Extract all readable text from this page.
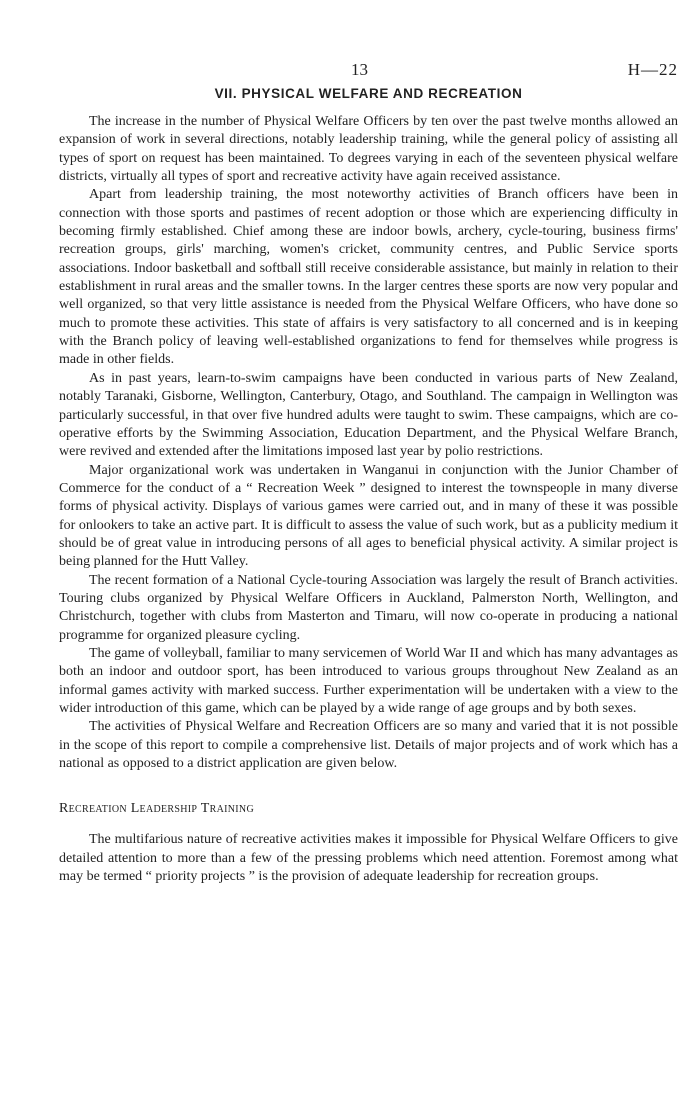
13	H—22
VII. PHYSICAL WELFARE AND RECREATION

The increase in the number of Physical Welfare Officers by ten over the past twelve months allowed an expansion of work in several directions, notably leadership training, while the general policy of assisting all types of sport on request has been maintained. To degrees varying in each of the seventeen physical welfare districts, virtually all types of sport and recreative activity have again received assistance.

Apart from leadership training, the most noteworthy activities of Branch officers have been in connection with those sports and pastimes of recent adoption or those which are experiencing difficulty in becoming firmly established. Chief among these are indoor bowls, archery, cycle-touring, business firms' recreation groups, girls' marching, women's cricket, community centres, and Public Service sports associations. Indoor basketball and softball still receive considerable assistance, but mainly in relation to their establishment in rural areas and the smaller towns. In the larger centres these sports are now very popular and well organized, so that very little assistance is needed from the Physical Welfare Officers, who have done so much to promote these activities. This state of affairs is very satisfactory to all concerned and is in keeping with the Branch policy of leaving well-established organizations to fend for themselves while progress is made in other fields.

As in past years, learn-to-swim campaigns have been conducted in various parts of New Zealand, notably Taranaki, Gisborne, Wellington, Canterbury, Otago, and Southland. The campaign in Wellington was particularly successful, in that over five hundred adults were taught to swim. These campaigns, which are co-operative efforts by the Swimming Association, Education Department, and the Physical Welfare Branch, were revived and extended after the limitations imposed last year by polio restrictions.

Major organizational work was undertaken in Wanganui in conjunction with the Junior Chamber of Commerce for the conduct of a “ Recreation Week ” designed to interest the townspeople in many diverse forms of physical activity. Displays of various games were carried out, and in many of these it was possible for onlookers to take an active part. It is difficult to assess the value of such work, but as a publicity medium it should be of great value in introducing persons of all ages to beneficial physical activity. A similar project is being planned for the Hutt Valley.

The recent formation of a National Cycle-touring Association was largely the result of Branch activities. Touring clubs organized by Physical Welfare Officers in Auckland, Palmerston North, Wellington, and Christchurch, together with clubs from Masterton and Timaru, will now co-operate in producing a national programme for organized pleasure cycling.

The game of volleyball, familiar to many servicemen of World War II and which has many advantages as both an indoor and outdoor sport, has been introduced to various groups throughout New Zealand as an informal games activity with marked success. Further experimentation will be undertaken with a view to the wider introduction of this game, which can be played by a wide range of age groups and by both sexes.

The activities of Physical Welfare and Recreation Officers are so many and varied that it is not possible in the scope of this report to compile a comprehensive list. Details of major projects and of work which has a national as opposed to a district application are given below.

Recreation Leadership Training

The multifarious nature of recreative activities makes it impossible for Physical Welfare Officers to give detailed attention to more than a few of the pressing problems which need attention. Foremost among what may be termed “ priority projects ” is the provision of adequate leadership for recreation groups.
